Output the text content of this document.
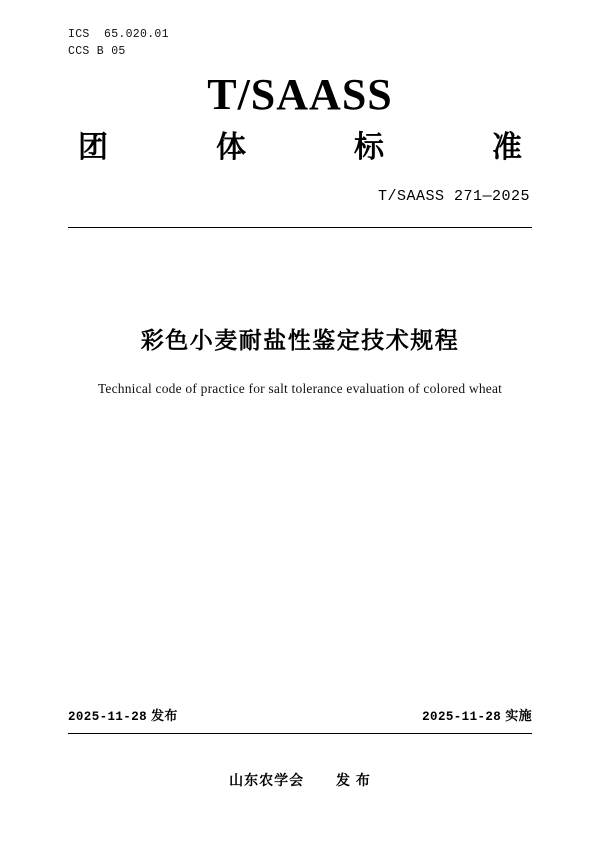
ICS  65.020.01
CCS B 05
T/SAASS
团	体	标	准
T/SAASS 271—2025
彩色小麦耐盐性鉴定技术规程
Technical code of practice for salt tolerance evaluation of colored wheat
2025-11-28 发布	2025-11-28 实施
山东农学会 发 布
